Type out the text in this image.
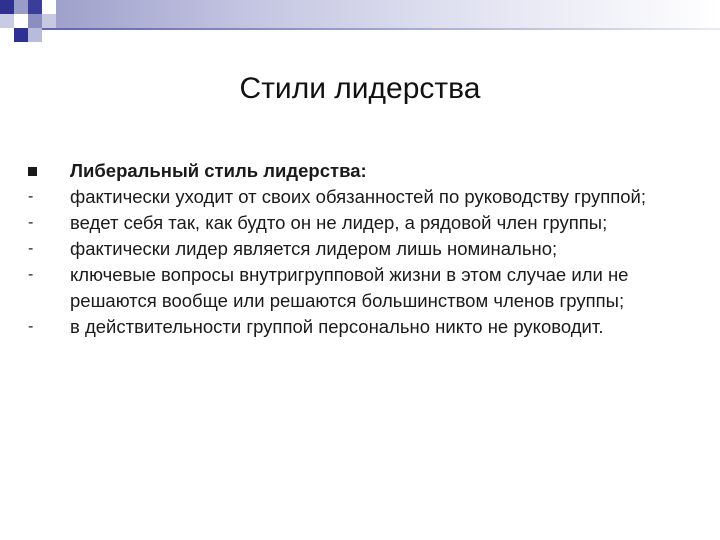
Стили лидерства
Либеральный стиль лидерства:
-	фактически уходит от своих обязанностей по руководству группой;
-	ведет себя так, как будто он не лидер, а рядовой член группы;
-	фактически лидер является лидером лишь номинально;
-	ключевые вопросы внутригрупповой жизни в этом случае или не решаются вообще или решаются большинством членов группы;
-	в действительности группой персонально никто не руководит.
